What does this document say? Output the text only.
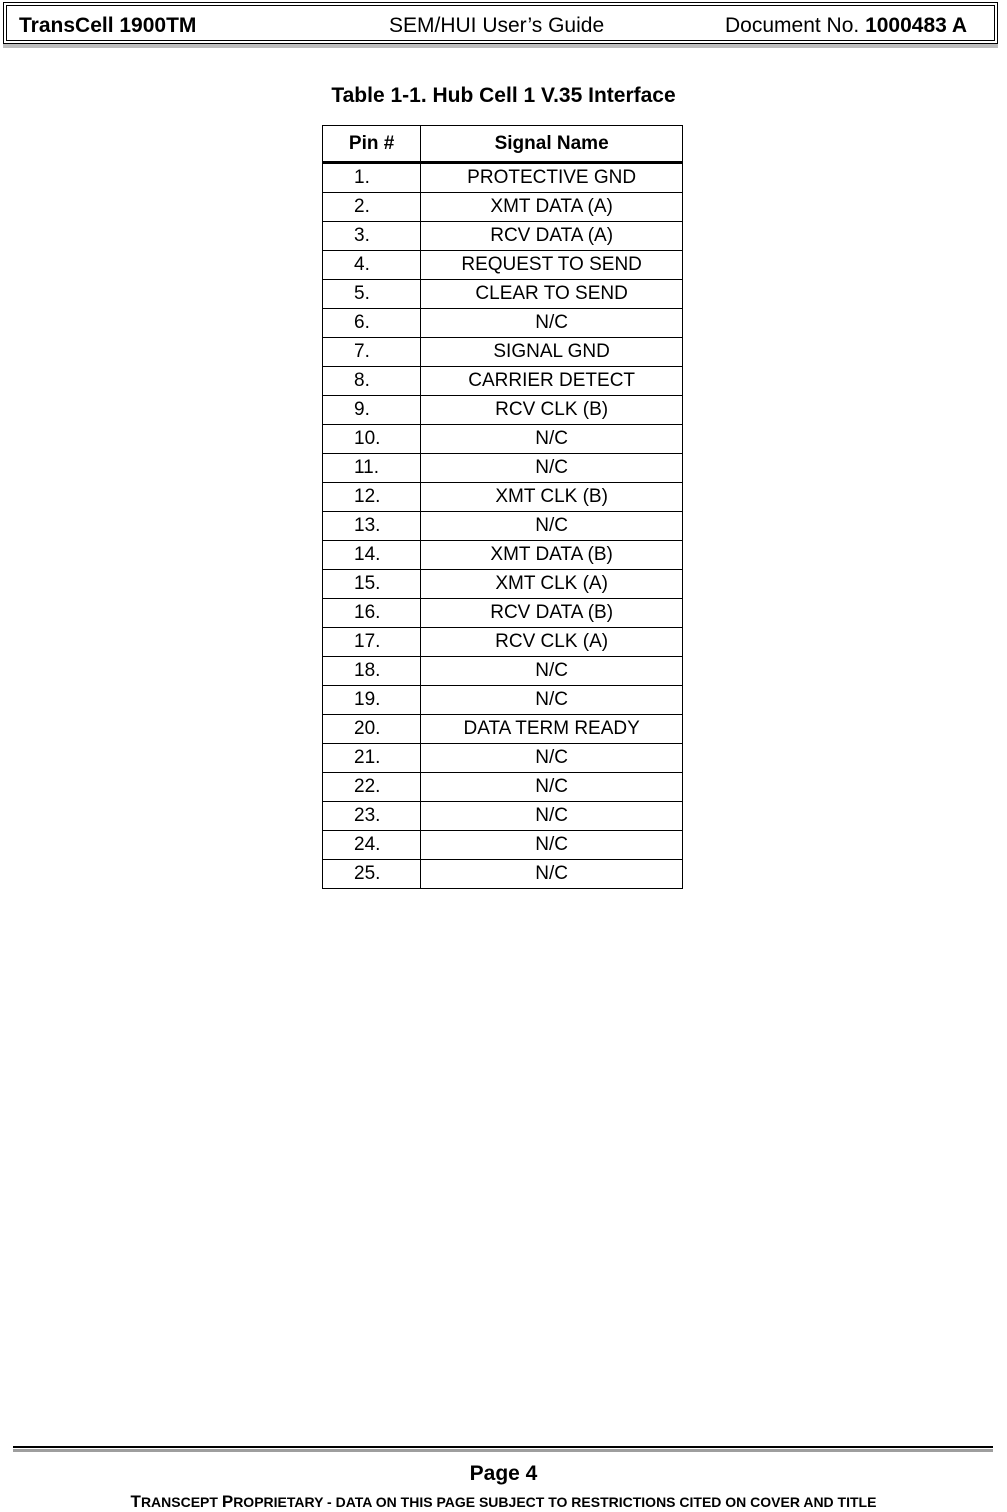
TransCell 1900TM	SEM/HUI User’s Guide	Document No. 1000483 A
Table 1-1. Hub Cell 1 V.35 Interface
Pin #	Signal Name
1.	PROTECTIVE GND
2.	XMT DATA (A)
3.	RCV DATA (A)
4.	REQUEST TO SEND
5.	CLEAR TO SEND
6.	N/C
7.	SIGNAL GND
8.	CARRIER DETECT
9.	RCV CLK (B)
10.	N/C
11.	N/C
12.	XMT CLK (B)
13.	N/C
14.	XMT DATA (B)
15.	XMT CLK (A)
16.	RCV DATA (B)
17.	RCV CLK (A)
18.	N/C
19.	N/C
20.	DATA TERM READY
21.	N/C
22.	N/C
23.	N/C
24.	N/C
25.	N/C
Page 4
TRANSCEPT PROPRIETARY - DATA ON THIS PAGE SUBJECT TO RESTRICTIONS CITED ON COVER AND TITLE
